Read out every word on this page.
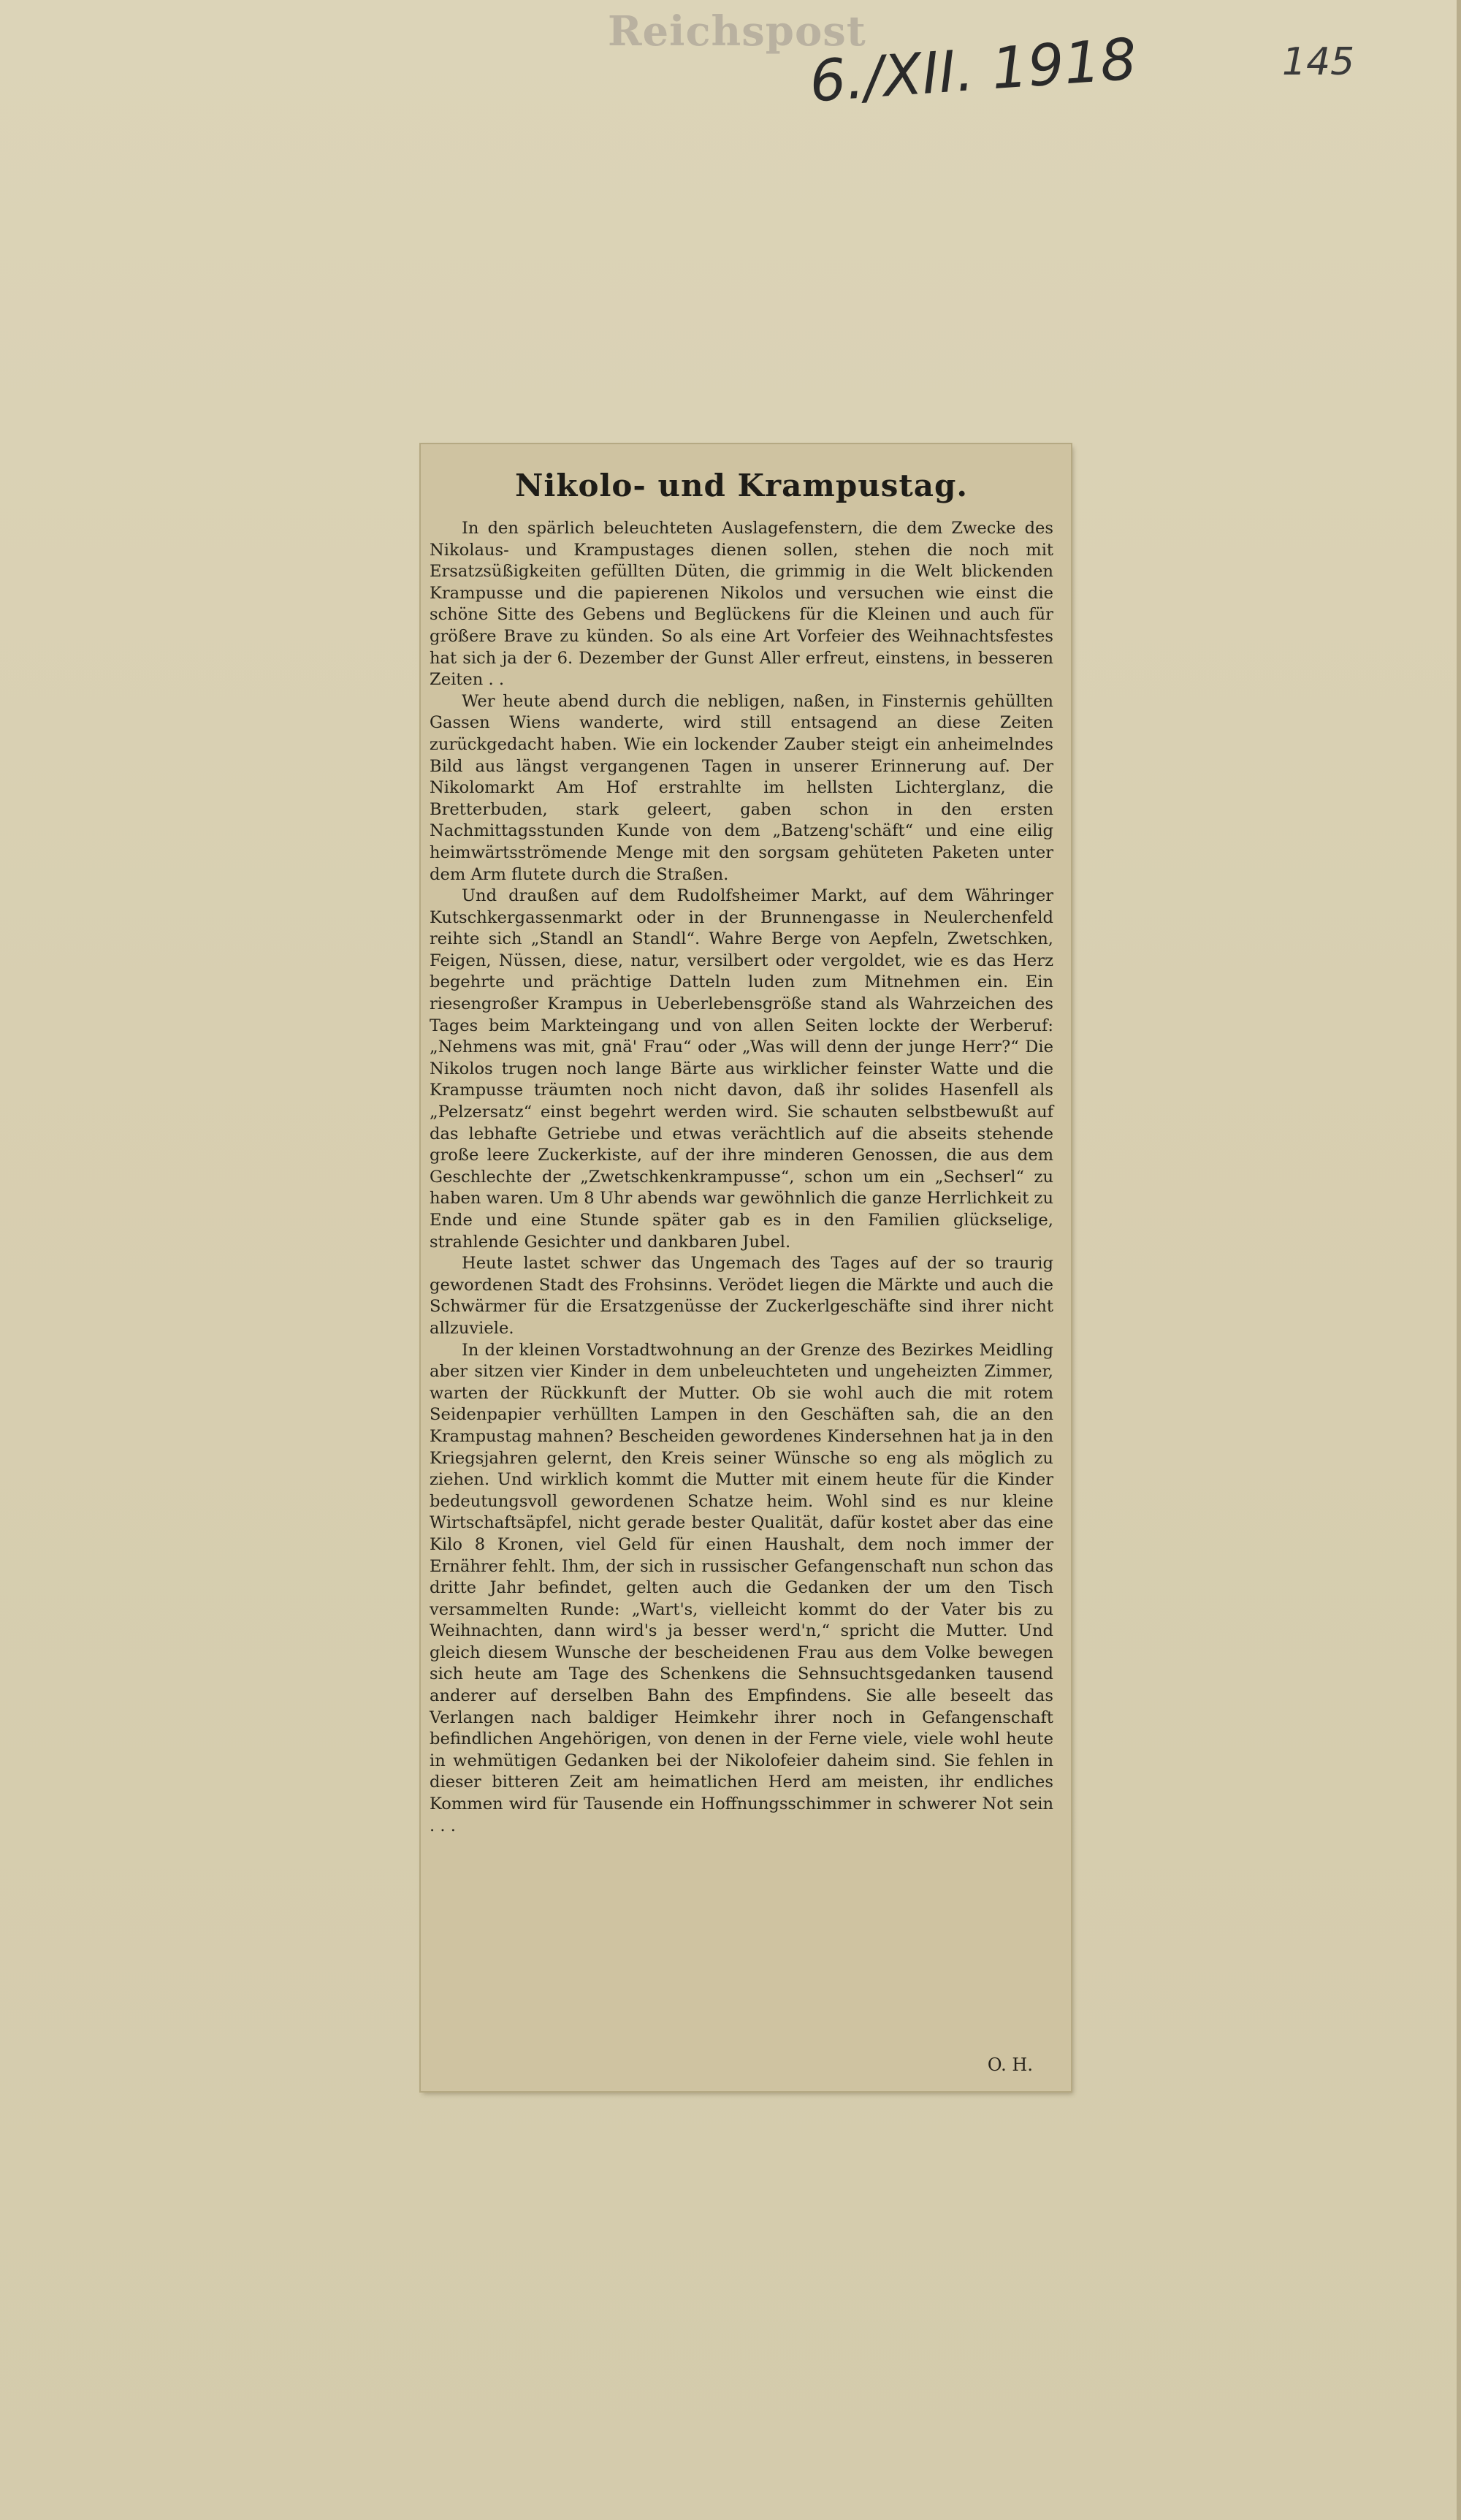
Reichspost
6./XII. 1918	145
Nikolo- und Krampustag.

In den spärlich beleuchteten Auslagefenstern, die dem Zwecke des Nikolaus- und Krampustages dienen sollen, stehen die noch mit Ersatzsüßigkeiten gefüllten Düten, die grimmig in die Welt blickenden Krampusse und die papierenen Nikolos und versuchen wie einst die schöne Sitte des Gebens und Beglückens für die Kleinen und auch für größere Brave zu künden. So als eine Art Vorfeier des Weihnachtsfestes hat sich ja der 6. Dezember der Gunst Aller erfreut, einstens, in besseren Zeiten . .

Wer heute abend durch die nebligen, naßen, in Finsternis gehüllten Gassen Wiens wanderte, wird still entsagend an diese Zeiten zurückgedacht haben. Wie ein lockender Zauber steigt ein anheimelndes Bild aus längst vergangenen Tagen in unserer Erinnerung auf. Der Nikolomarkt Am Hof erstrahlte im hellsten Lichterglanz, die Bretterbuden, stark geleert, gaben schon in den ersten Nachmittagsstunden Kunde von dem „Batzeng'schäft“ und eine eilig heimwärtsströmende Menge mit den sorgsam gehüteten Paketen unter dem Arm flutete durch die Straßen.

Und draußen auf dem Rudolfsheimer Markt, auf dem Währinger Kutschkergassenmarkt oder in der Brunnengasse in Neulerchenfeld reihte sich „Standl an Standl“. Wahre Berge von Aepfeln, Zwetschken, Feigen, Nüssen, diese, natur, versilbert oder vergoldet, wie es das Herz begehrte und prächtige Datteln luden zum Mitnehmen ein. Ein riesengroßer Krampus in Ueberlebensgröße stand als Wahrzeichen des Tages beim Markteingang und von allen Seiten lockte der Werberuf: „Nehmens was mit, gnä' Frau“ oder „Was will denn der junge Herr?“ Die Nikolos trugen noch lange Bärte aus wirklicher feinster Watte und die Krampusse träumten noch nicht davon, daß ihr solides Hasenfell als „Pelzersatz“ einst begehrt werden wird. Sie schauten selbstbewußt auf das lebhafte Getriebe und etwas verächtlich auf die abseits stehende große leere Zuckerkiste, auf der ihre minderen Genossen, die aus dem Geschlechte der „Zwetschkenkrampusse“, schon um ein „Sechserl“ zu haben waren. Um 8 Uhr abends war gewöhnlich die ganze Herrlichkeit zu Ende und eine Stunde später gab es in den Familien glückselige, strahlende Gesichter und dankbaren Jubel.

Heute lastet schwer das Ungemach des Tages auf der so traurig gewordenen Stadt des Frohsinns. Verödet liegen die Märkte und auch die Schwärmer für die Ersatzgenüsse der Zuckerlgeschäfte sind ihrer nicht allzuviele.

In der kleinen Vorstadtwohnung an der Grenze des Bezirkes Meidling aber sitzen vier Kinder in dem unbeleuchteten und ungeheizten Zimmer, warten der Rückkunft der Mutter. Ob sie wohl auch die mit rotem Seidenpapier verhüllten Lampen in den Geschäften sah, die an den Krampustag mahnen? Bescheiden gewordenes Kindersehnen hat ja in den Kriegsjahren gelernt, den Kreis seiner Wünsche so eng als möglich zu ziehen. Und wirklich kommt die Mutter mit einem heute für die Kinder bedeutungsvoll gewordenen Schatze heim. Wohl sind es nur kleine Wirtschaftsäpfel, nicht gerade bester Qualität, dafür kostet aber das eine Kilo 8 Kronen, viel Geld für einen Haushalt, dem noch immer der Ernährer fehlt. Ihm, der sich in russischer Gefangenschaft nun schon das dritte Jahr befindet, gelten auch die Gedanken der um den Tisch versammelten Runde: „Wart's, vielleicht kommt do der Vater bis zu Weihnachten, dann wird's ja besser werd'n,“ spricht die Mutter. Und gleich diesem Wunsche der bescheidenen Frau aus dem Volke bewegen sich heute am Tage des Schenkens die Sehnsuchtsgedanken tausend anderer auf derselben Bahn des Empfindens. Sie alle beseelt das Verlangen nach baldiger Heimkehr ihrer noch in Gefangenschaft befindlichen Angehörigen, von denen in der Ferne viele, viele wohl heute in wehmütigen Gedanken bei der Nikolofeier daheim sind. Sie fehlen in dieser bitteren Zeit am heimatlichen Herd am meisten, ihr endliches Kommen wird für Tausende ein Hoffnungsschimmer in schwerer Not sein . . .

O. H.
